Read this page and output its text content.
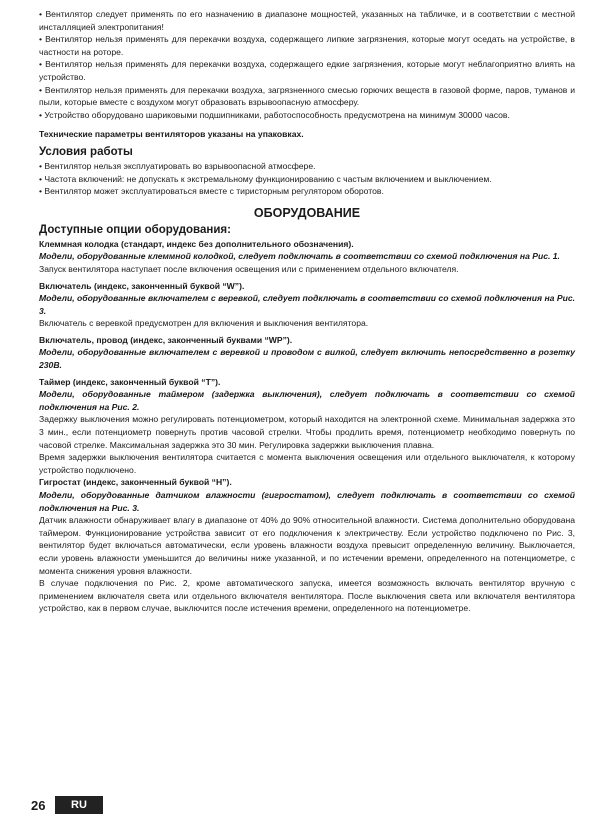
• Вентилятор следует применять по его назначению в диапазоне мощностей, указанных на табличке, и в соответствии с местной инсталляцией электропитания!

• Вентилятор нельзя применять для перекачки воздуха, содержащего липкие загрязнения, которые могут оседать на устройстве, в частности на роторе.

• Вентилятор нельзя применять для перекачки воздуха, содержащего едкие загрязнения, которые могут неблагоприятно влиять на устройство.

• Вентилятор нельзя применять для перекачки воздуха, загрязненного смесью горючих веществ в газовой форме, паров, туманов и пыли, которые вместе с воздухом могут образовать взрывоопасную атмосферу.

• Устройство оборудовано шариковыми подшипниками, работоспособность предусмотрена на минимум 30000 часов.

Технические параметры вентиляторов указаны на упаковках.

Условия работы

• Вентилятор нельзя эксплуатировать во взрывоопасной атмосфере.

• Частота включений: не допускать к экстремальному функционированию с частым включением и выключением.

• Вентилятор может эксплуатироваться вместе с тиристорным регулятором оборотов.

ОБОРУДОВАНИЕ
Доступные опции оборудования:

Клеммная колодка (стандарт, индекс без дополнительного обозначения).

Модели, оборудованные клеммной колодкой, следует подключать в соответствии со схемой подключения на Рис. 1.

Запуск вентилятора наступает после включения освещения или с применением отдельного включателя.

Включатель (индекс, законченный буквой “W”).

Модели, оборудованные включателем с веревкой, следует подключать в соответствии со схемой подключения на Рис. 3.

Включатель с веревкой предусмотрен для включения и выключения вентилятора.

Включатель, провод (индекс, законченный буквами “WP”).

Модели, оборудованные включателем с веревкой и проводом с вилкой, следует включить непосредственно в розетку 230В.

Таймер (индекс, законченный буквой “T”).

Модели, оборудованные таймером (задержка выключения), следует подключать в соответствии со схемой подключения на Рис. 2.

Задержку выключения можно регулировать потенциометром, который находится на электронной схеме. Минимальная задержка это 3 мин., если потенциометр повернуть против часовой стрелки. Чтобы продлить время, потенциометр необходимо повернуть по часовой стрелке. Максимальная задержка это 30 мин. Регулировка задержки выключения плавна.

Время задержки выключения вентилятора считается с момента выключения освещения или отдельного выключателя, к которому устройство подключено.

Гигростат (индекс, законченный буквой “H”).

Модели, оборудованные датчиком влажности (гигростатом), следует подключать в соответствии со схемой подключения на Рис. 3.

Датчик влажности обнаруживает влагу в диапазоне от 40% до 90% относительной влажности. Система дополнительно оборудована таймером. Функционирование устройства зависит от его подключения к электричеству. Если устройство подключено по Рис. 3, вентилятор будет включаться автоматически, если уровень влажности воздуха превысит определенную величину. Выключается, если уровень влажности уменьшится до величины ниже указанной, и по истечении времени, определенного на потенциометре, с момента снижения уровня влажности.

В случае подключения по Рис. 2, кроме автоматического запуска, имеется возможность включать вентилятор вручную с применением включателя света или отдельного включателя вентилятора. После выключения света или включателя вентилятора устройство, как в первом случае, выключится после истечения времени, определенного на потенциометре.

26	RU
